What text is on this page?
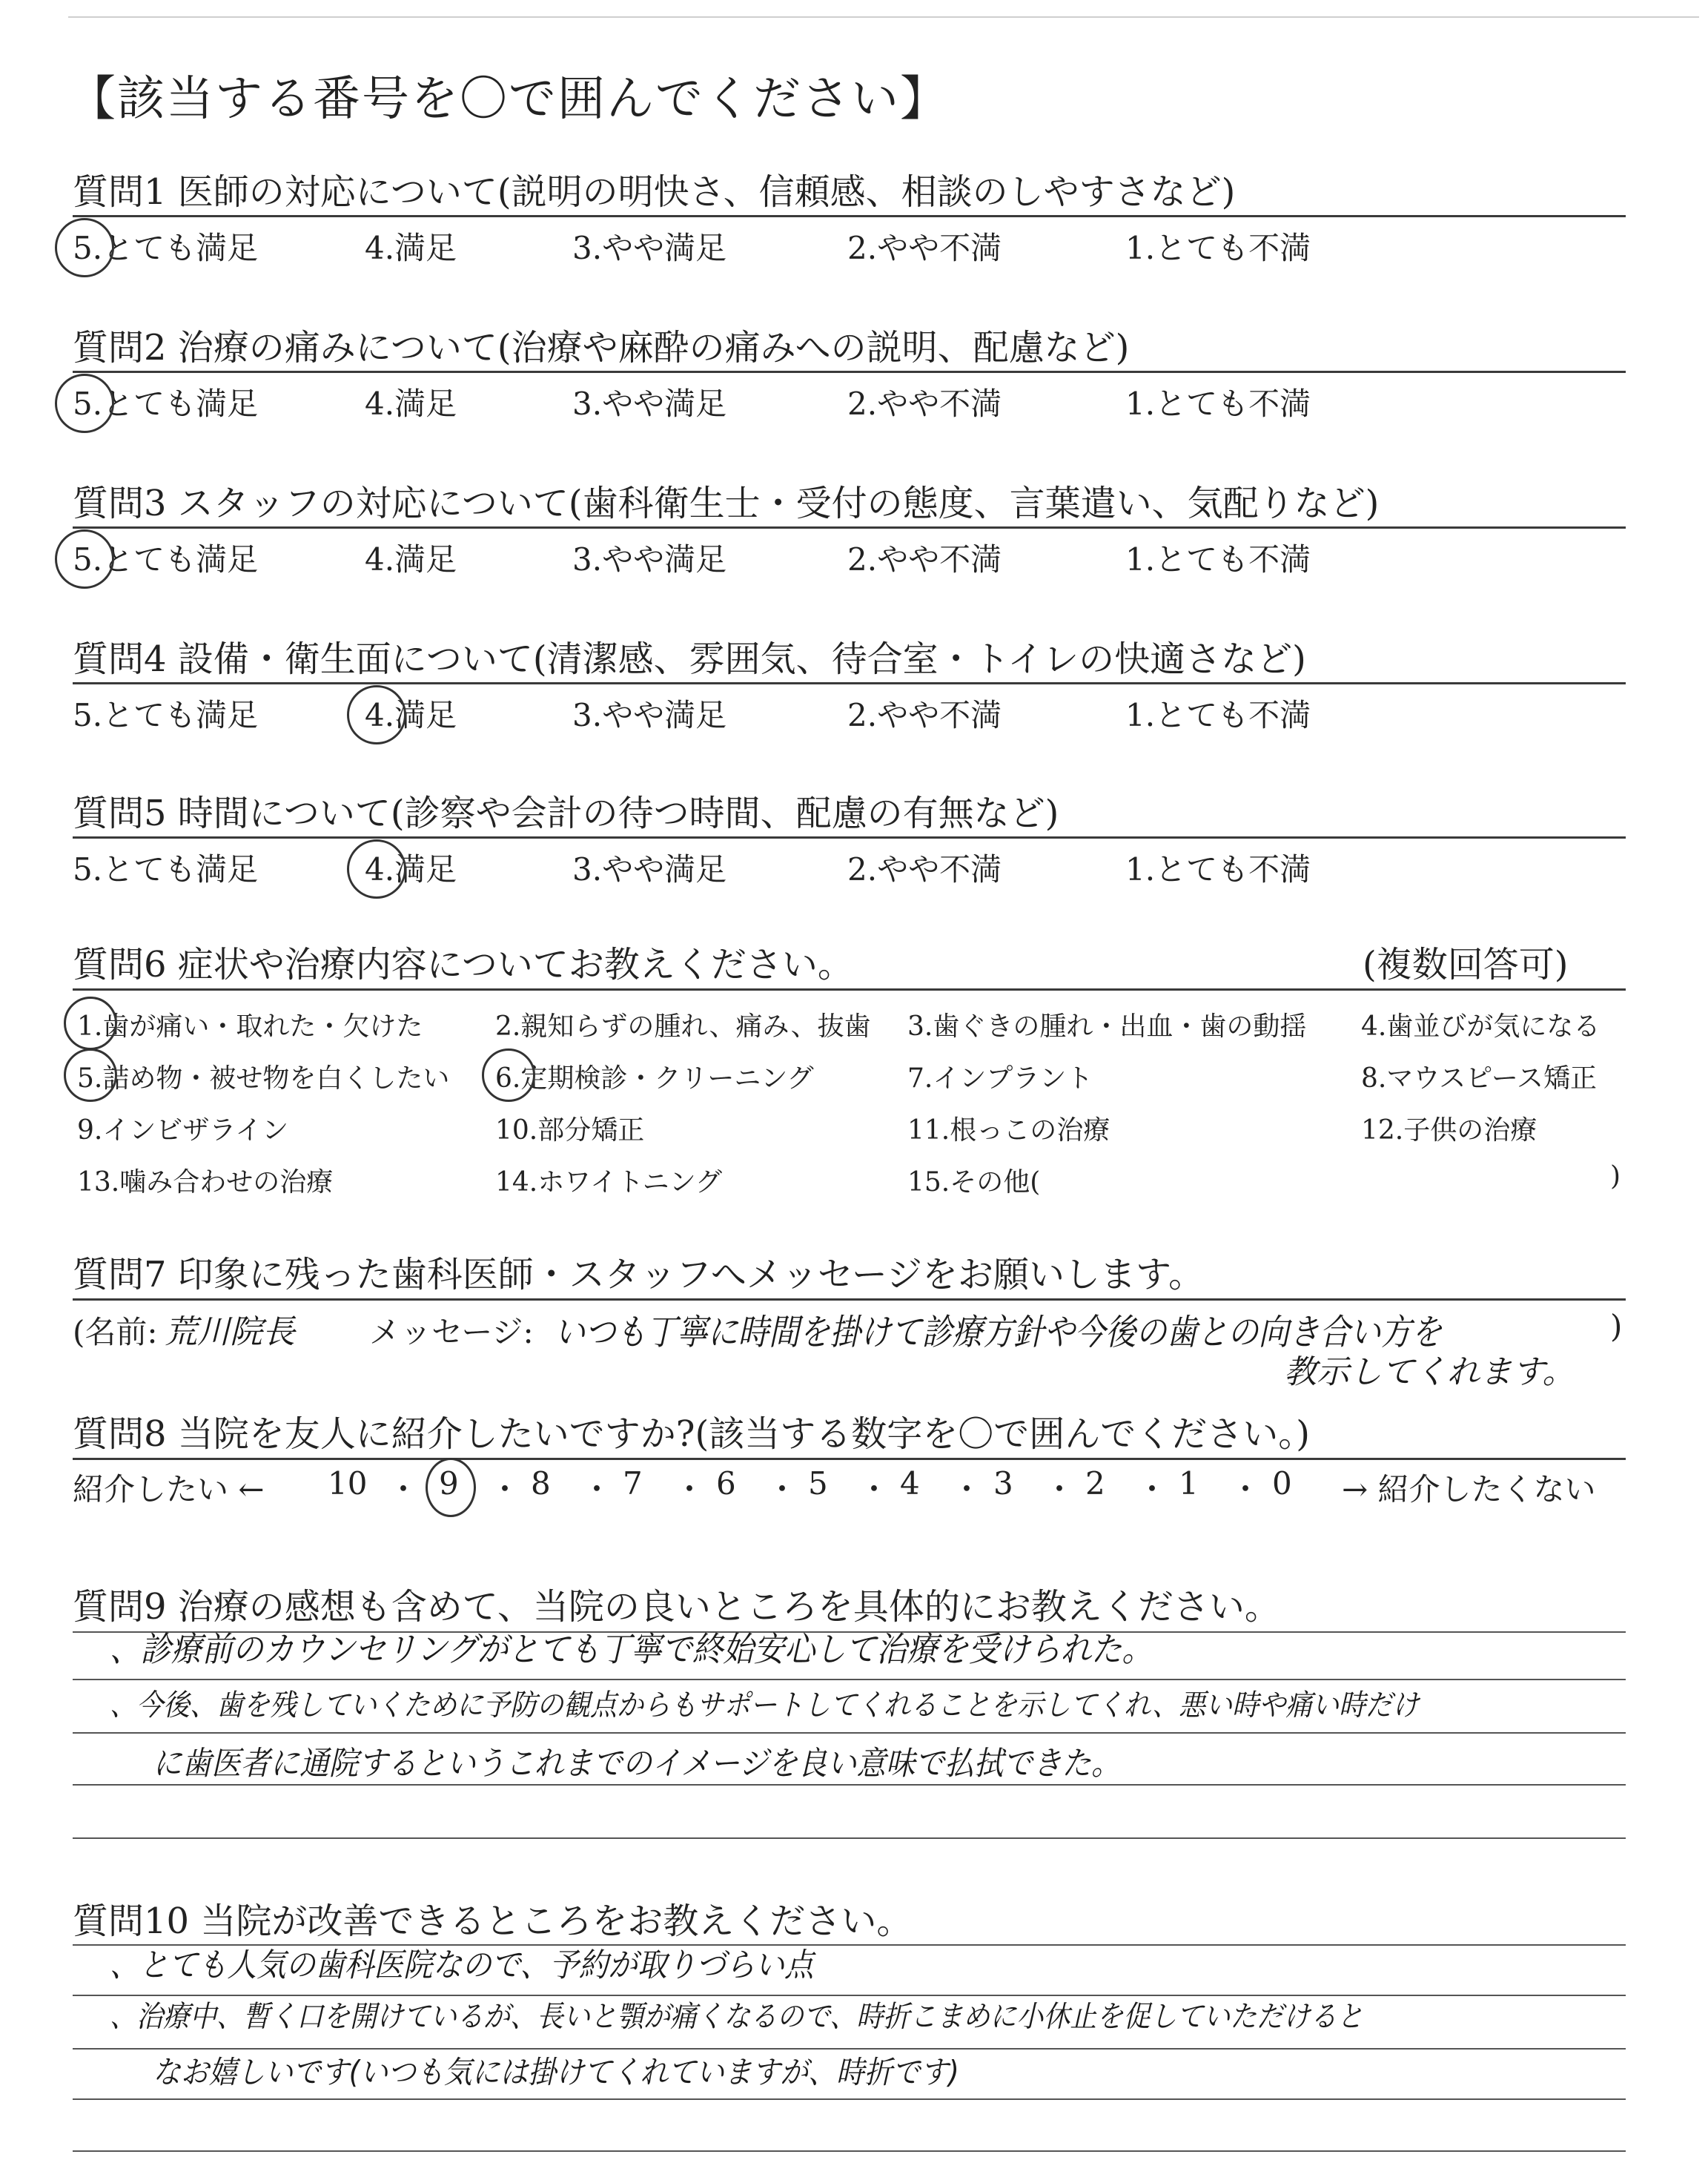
【該当する番号を〇で囲んでください】
質問1 医師の対応について(説明の明快さ、信頼感、相談のしやすさなど)
5.とても満足	4.満足	3.やや満足	2.やや不満	1.とても不満
質問2 治療の痛みについて(治療や麻酔の痛みへの説明、配慮など)
5.とても満足	4.満足	3.やや満足	2.やや不満	1.とても不満
質問3 スタッフの対応について(歯科衛生士・受付の態度、言葉遣い、気配りなど)
5.とても満足	4.満足	3.やや満足	2.やや不満	1.とても不満
質問4 設備・衛生面について(清潔感、雰囲気、待合室・トイレの快適さなど)
5.とても満足	4.満足	3.やや満足	2.やや不満	1.とても不満
質問5 時間について(診察や会計の待つ時間、配慮の有無など)
5.とても満足	4.満足	3.やや満足	2.やや不満	1.とても不満
質問6 症状や治療内容についてお教えください。	(複数回答可)
1.歯が痛い・取れた・欠けた	2.親知らずの腫れ、痛み、抜歯 3.歯ぐきの腫れ・出血・歯の動揺 4.歯並びが気になる
5.詰め物・被せ物を白くしたい 6.定期検診・クリーニング	7.インプラント	8.マウスピース矯正
9.インビザライン	10.部分矯正	11.根っこの治療	12.子供の治療
13.噛み合わせの治療	14.ホワイトニング	15.その他(	)
質問7 印象に残った歯科医師・スタッフへメッセージをお願いします。
(名前: 荒川院長 メッセージ: いつも丁寧に時間を掛けて診療方針や今後の歯との向き合い方を
教示してくれます。
)
質問8 当院を友人に紹介したいですか?(該当する数字を〇で囲んでください。)
紹介したい ←	→ 紹介したくない
10 ・ 9 ・ 8 ・ 7 ・ 6 ・ 5 ・ 4 ・ 3 ・ 2 ・ 1 ・ 0
質問9 治療の感想も含めて、当院の良いところを具体的にお教えください。
、診療前のカウンセリングがとても丁寧で終始安心して治療を受けられた。
、今後、歯を残していくために予防の観点からもサポートしてくれることを示してくれ、悪い時や痛い時だけ
に歯医者に通院するというこれまでのイメージを良い意味で払拭できた。
質問10 当院が改善できるところをお教えください。
、とても人気の歯科医院なので、予約が取りづらい点
、治療中、暫く口を開けているが、長いと顎が痛くなるので、時折こまめに小休止を促していただけると
なお嬉しいです(いつも気には掛けてくれていますが、時折です)
